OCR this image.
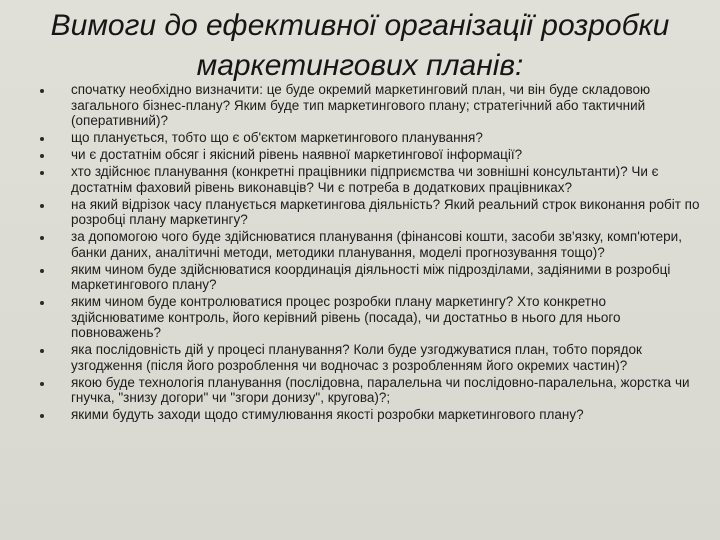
Вимоги до ефективної організації розробки
маркетингових планів:
спочатку необхідно визначити: це буде окремий маркетинговий план, чи він буде складовою загального бізнес-плану? Яким буде тип маркетингового плану; стратегічний або тактичний (оперативний)?
що планується, тобто що є об'єктом маркетингового планування?
чи є достатнім обсяг і якісний рівень наявної маркетингової інформації?
хто здійснює планування (конкретні працівники підприємства чи зовнішні консультанти)? Чи є достатнім фаховий рівень виконавців? Чи є потреба в додаткових працівниках?
на який відрізок часу планується маркетингова діяльність? Який реальний строк виконання робіт по розробці плану маркетингу?
за допомогою чого буде здійснюватися планування (фінансові кошти, засоби зв'язку, комп'ютери, банки даних, аналітичні методи, методики планування, моделі прогнозування тощо)?
яким чином буде здійснюватися координація діяльності між підрозділами, задіяними в розробці маркетингового плану?
яким чином буде контролюватися процес розробки плану маркетингу? Хто конкретно здійснюватиме контроль, його керівний рівень (посада), чи достатньо в нього для нього повноважень?
яка послідовність дій у процесі планування? Коли буде узгоджуватися план, тобто порядок узгодження (після його розроблення чи водночас з розробленням його окремих частин)?
якою буде технологія планування (послідовна, паралельна чи послідовно-паралельна, жорстка чи гнучка, "знизу догори" чи "згори донизу", кругова)?;
якими будуть заходи щодо стимулювання якості розробки маркетингового плану?
